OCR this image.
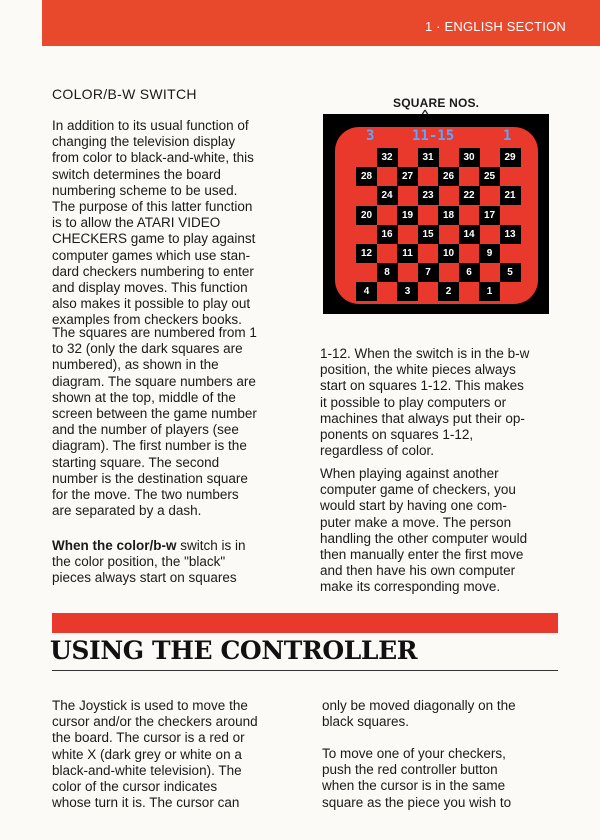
1 · ENGLISH SECTION
COLOR/B-W SWITCH
In addition to its usual function of
changing the television display
from color to black-and-white, this
switch determines the board
numbering scheme to be used.
The purpose of this latter function
is to allow the ATARI VIDEO
CHECKERS game to play against
computer games which use stan-
dard checkers numbering to enter
and display moves. This function
also makes it possible to play out
examples from checkers books.
The squares are numbered from 1
to 32 (only the dark squares are
numbered), as shown in the
diagram. The square numbers are
shown at the top, middle of the
screen between the game number
and the number of players (see
diagram). The first number is the
starting square. The second
number is the destination square
for the move. The two numbers
are separated by a dash.
When the color/b-w switch is in
the color position, the "black"
pieces always start on squares
SQUARE NOS.
3	11-15	1
32	31	30	29
28	27	26	25
24	23	22	21
20	19	18	17
16	15	14	13
12	11	10	9
8	7	6	5
4	3	2	1
1-12. When the switch is in the b-w
position, the white pieces always
start on squares 1-12. This makes
it possible to play computers or
machines that always put their op-
ponents on squares 1-12,
regardless of color.
When playing against another
computer game of checkers, you
would start by having one com-
puter make a move. The person
handling the other computer would
then manually enter the first move
and then have his own computer
make its corresponding move.
USING THE CONTROLLER
The Joystick is used to move the
cursor and/or the checkers around
the board. The cursor is a red or
white X (dark grey or white on a
black-and-white television). The
color of the cursor indicates
whose turn it is. The cursor can
only be moved diagonally on the
black squares.
To move one of your checkers,
push the red controller button
when the cursor is in the same
square as the piece you wish to
